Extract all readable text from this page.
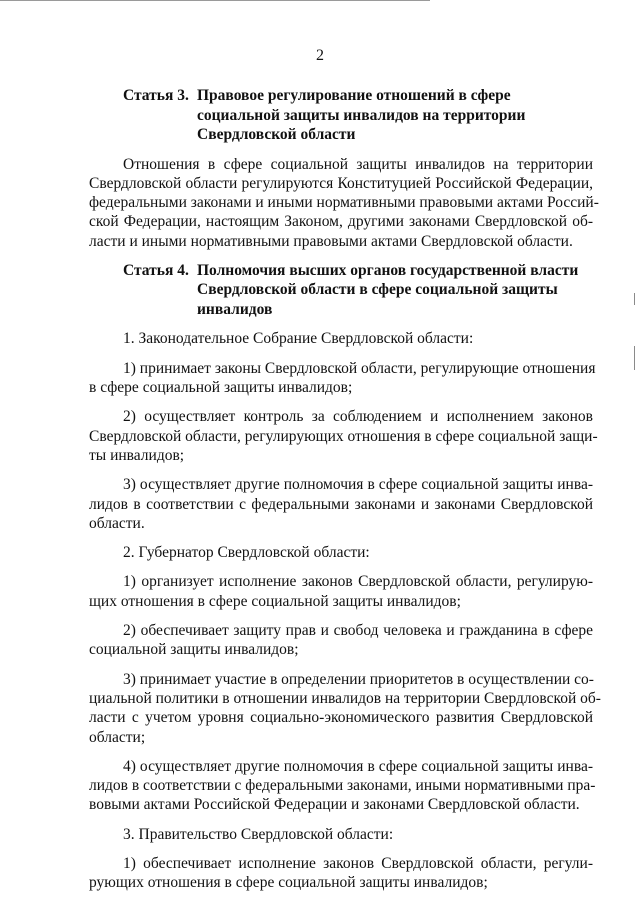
2
Статья 3. Правовое регулирование отношений в сфере
социальной защиты инвалидов на территории
Свердловской области
Отношения в сфере социальной защиты инвалидов на территории
Свердловской области регулируются Конституцией Российской Федерации,
федеральными законами и иными нормативными правовыми актами Россий-
ской Федерации, настоящим Законом, другими законами Свердловской об-
ласти и иными нормативными правовыми актами Свердловской области.
Статья 4. Полномочия высших органов государственной власти
Свердловской области в сфере социальной защиты
инвалидов
1. Законодательное Собрание Свердловской области:
1) принимает законы Свердловской области, регулирующие отношения
в сфере социальной защиты инвалидов;
2) осуществляет контроль за соблюдением и исполнением законов
Свердловской области, регулирующих отношения в сфере социальной защи-
ты инвалидов;
3) осуществляет другие полномочия в сфере социальной защиты инва-
лидов в соответствии с федеральными законами и законами Свердловской
области.
2. Губернатор Свердловской области:
1) организует исполнение законов Свердловской области, регулирую-
щих отношения в сфере социальной защиты инвалидов;
2) обеспечивает защиту прав и свобод человека и гражданина в сфере
социальной защиты инвалидов;
3) принимает участие в определении приоритетов в осуществлении со-
циальной политики в отношении инвалидов на территории Свердловской об-
ласти с учетом уровня социально-экономического развития Свердловской
области;
4) осуществляет другие полномочия в сфере социальной защиты инва-
лидов в соответствии с федеральными законами, иными нормативными пра-
вовыми актами Российской Федерации и законами Свердловской области.
3. Правительство Свердловской области:
1) обеспечивает исполнение законов Свердловской области, регули-
рующих отношения в сфере социальной защиты инвалидов;
